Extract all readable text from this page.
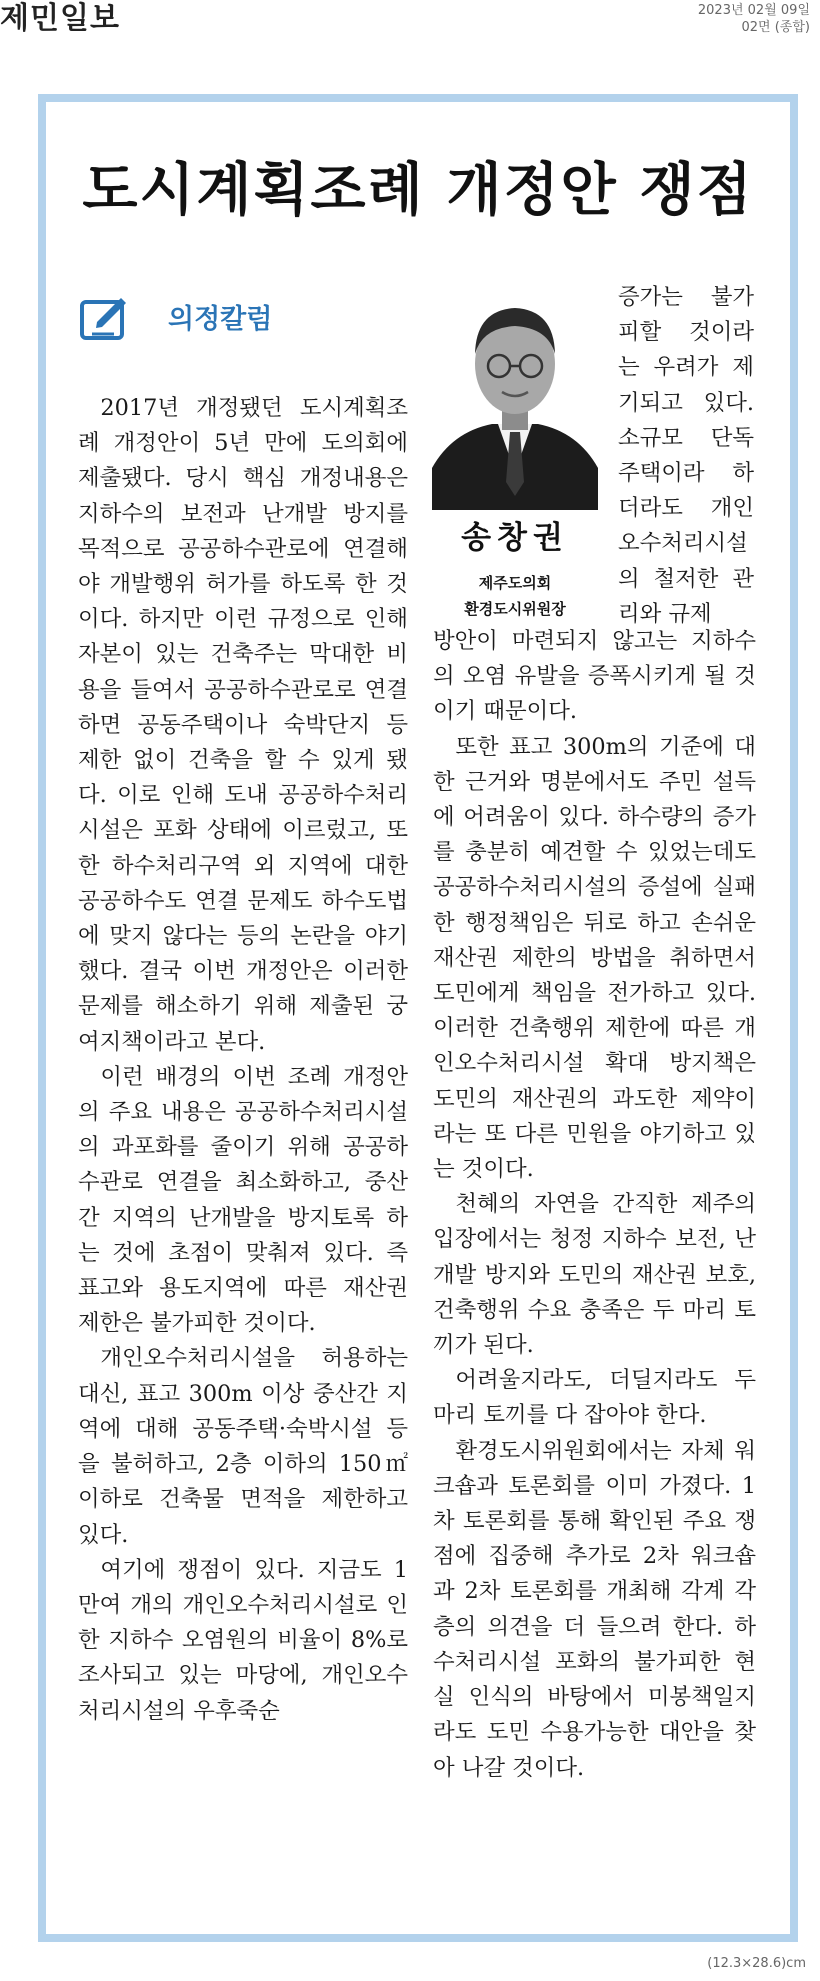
제민일보	2023년 02월 09일
02면 (종합)
도시계획조례 개정안 쟁점
의정칼럼

2017년 개정됐던 도시계획조례 개정안이 5년 만에 도의회에 제출됐다. 당시 핵심 개정내용은 지하수의 보전과 난개발 방지를 목적으로 공공하수관로에 연결해야 개발행위 허가를 하도록 한 것이다. 하지만 이런 규정으로 인해 자본이 있는 건축주는 막대한 비용을 들여서 공공하수관로로 연결하면 공동주택이나 숙박단지 등 제한 없이 건축을 할 수 있게 됐다. 이로 인해 도내 공공하수처리시설은 포화 상태에 이르렀고, 또한 하수처리구역 외 지역에 대한 공공하수도 연결 문제도 하수도법에 맞지 않다는 등의 논란을 야기했다. 결국 이번 개정안은 이러한 문제를 해소하기 위해 제출된 궁여지책이라고 본다.

이런 배경의 이번 조례 개정안의 주요 내용은 공공하수처리시설의 과포화를 줄이기 위해 공공하수관로 연결을 최소화하고, 중산간 지역의 난개발을 방지토록 하는 것에 초점이 맞춰져 있다. 즉 표고와 용도지역에 따른 재산권 제한은 불가피한 것이다.

개인오수처리시설을 허용하는 대신, 표고 300m 이상 중산간 지역에 대해 공동주택·숙박시설 등을 불허하고, 2층 이하의 150㎡ 이하로 건축물 면적을 제한하고 있다.

여기에 쟁점이 있다. 지금도 1만여 개의 개인오수처리시설로 인한 지하수 오염원의 비율이 8%로 조사되고 있는 마당에, 개인오수처리시설의 우후죽순

송창권
제주도의회
환경도시위원장

증가는 불가피할 것이라는 우려가 제기되고 있다. 소규모 단독주택이라 하더라도 개인오수처리시설의 철저한 관리와 규제

방안이 마련되지 않고는 지하수의 오염 유발을 증폭시키게 될 것이기 때문이다.

또한 표고 300m의 기준에 대한 근거와 명분에서도 주민 설득에 어려움이 있다. 하수량의 증가를 충분히 예견할 수 있었는데도 공공하수처리시설의 증설에 실패한 행정책임은 뒤로 하고 손쉬운 재산권 제한의 방법을 취하면서 도민에게 책임을 전가하고 있다. 이러한 건축행위 제한에 따른 개인오수처리시설 확대 방지책은 도민의 재산권의 과도한 제약이라는 또 다른 민원을 야기하고 있는 것이다.

천혜의 자연을 간직한 제주의 입장에서는 청정 지하수 보전, 난개발 방지와 도민의 재산권 보호, 건축행위 수요 충족은 두 마리 토끼가 된다.

어려울지라도, 더딜지라도 두 마리 토끼를 다 잡아야 한다.

환경도시위원회에서는 자체 워크숍과 토론회를 이미 가졌다. 1차 토론회를 통해 확인된 주요 쟁점에 집중해 추가로 2차 워크숍과 2차 토론회를 개최해 각계 각층의 의견을 더 들으려 한다. 하수처리시설 포화의 불가피한 현실 인식의 바탕에서 미봉책일지라도 도민 수용가능한 대안을 찾아 나갈 것이다.

(12.3×28.6)cm
